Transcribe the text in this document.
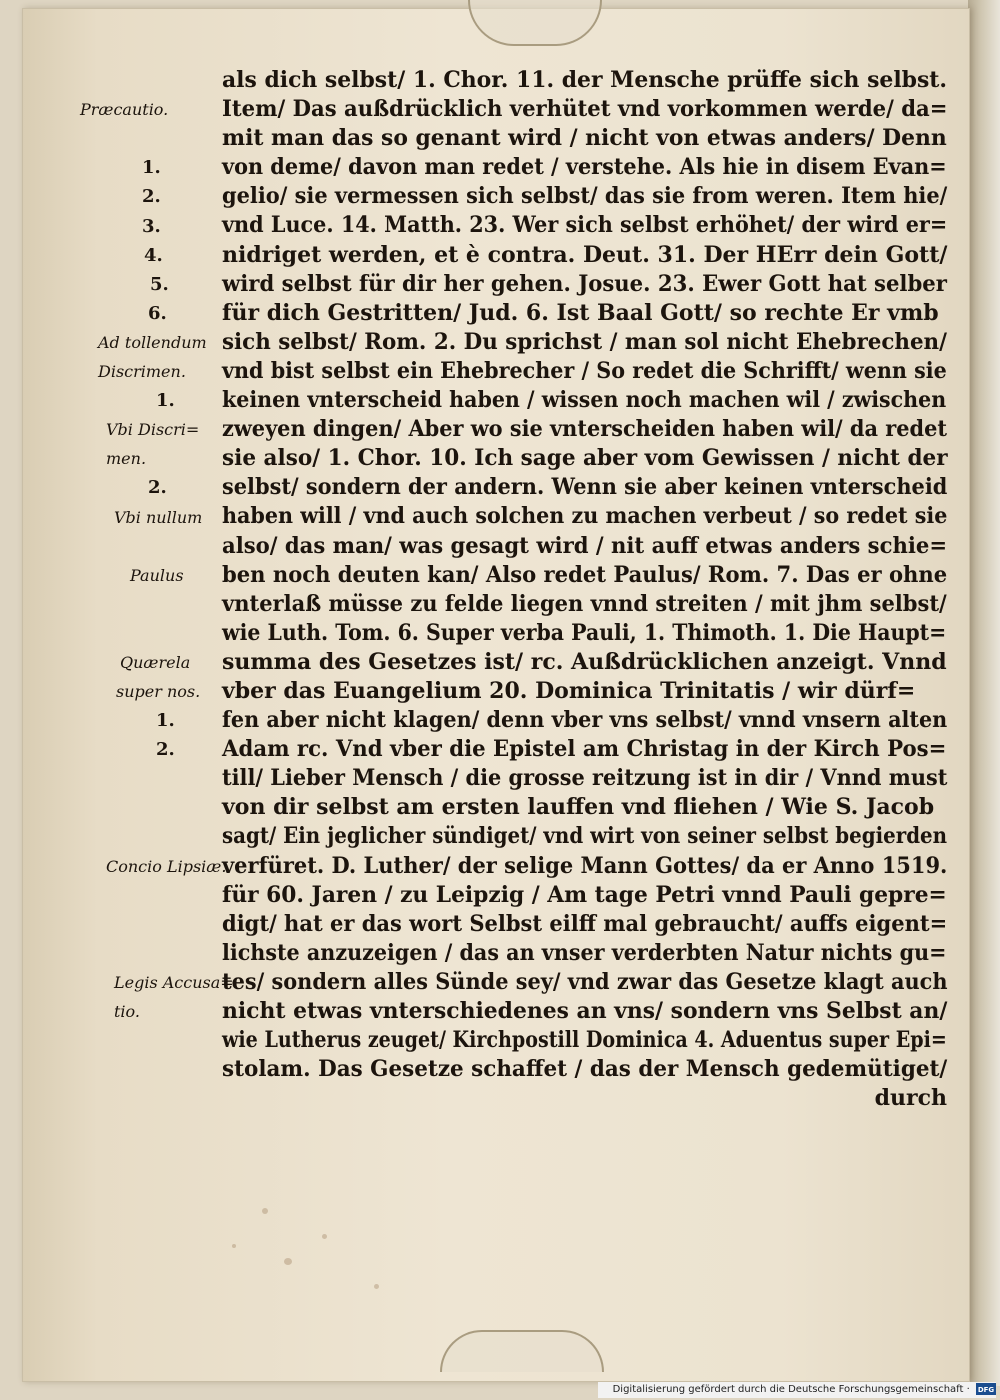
Præcautio.
1.
2.
3.
4.
5.
6.
Ad tollendum
Discrimen.
1.
Vbi Discri=
men.
2.
Vbi nullum
Paulus
Quærela
super nos.
1.
2.
Concio Lipsiæ.
Legis Accusa=
tio.
als dich selbst/ 1. Chor. 11. der Mensche prüffe sich selbst.
Item/ Das außdrücklich verhütet vnd vorkommen werde/ da=
mit man das so genant wird / nicht von etwas anders/ Denn
von deme/ davon man redet / verstehe. Als hie in disem Evan=
gelio/ sie vermessen sich selbst/ das sie from weren. Item hie/
vnd Luce. 14. Matth. 23. Wer sich selbst erhöhet/ der wird er=
nidriget werden, et è contra. Deut. 31. Der HErr dein Gott/
wird selbst für dir her gehen. Josue. 23. Ewer Gott hat selber
für dich Gestritten/ Jud. 6. Ist Baal Gott/ so rechte Er vmb
sich selbst/ Rom. 2. Du sprichst / man sol nicht Ehebrechen/
vnd bist selbst ein Ehebrecher / So redet die Schrifft/ wenn sie
keinen vnterscheid haben / wissen noch machen wil / zwischen
zweyen dingen/ Aber wo sie vnterscheiden haben wil/ da redet
sie also/ 1. Chor. 10. Ich sage aber vom Gewissen / nicht der
selbst/ sondern der andern. Wenn sie aber keinen vnterscheid
haben will / vnd auch solchen zu machen verbeut / so redet sie
also/ das man/ was gesagt wird / nit auff etwas anders schie=
ben noch deuten kan/ Also redet Paulus/ Rom. 7. Das er ohne
vnterlaß müsse zu felde liegen vnnd streiten / mit jhm selbst/
wie Luth. Tom. 6. Super verba Pauli, 1. Thimoth. 1. Die Haupt=
summa des Gesetzes ist/ rc. Außdrücklichen anzeigt. Vnnd
vber das Euangelium 20. Dominica Trinitatis / wir dürf=
fen aber nicht klagen/ denn vber vns selbst/ vnnd vnsern alten
Adam rc. Vnd vber die Epistel am Christag in der Kirch Pos=
till/ Lieber Mensch / die grosse reitzung ist in dir / Vnnd must
von dir selbst am ersten lauffen vnd fliehen / Wie S. Jacob
sagt/ Ein jeglicher sündiget/ vnd wirt von seiner selbst begierden
verfüret. D. Luther/ der selige Mann Gottes/ da er Anno 1519.
für 60. Jaren / zu Leipzig / Am tage Petri vnnd Pauli gepre=
digt/ hat er das wort Selbst eilff mal gebraucht/ auffs eigent=
lichste anzuzeigen / das an vnser verderbten Natur nichts gu=
tes/ sondern alles Sünde sey/ vnd zwar das Gesetze klagt auch
nicht etwas vnterschiedenes an vns/ sondern vns Selbst an/
wie Lutherus zeuget/ Kirchpostill Dominica 4. Aduentus super Epi=
stolam. Das Gesetze schaffet / das der Mensch gedemütiget/
durch
Digitalisierung gefördert durch die Deutsche Forschungsgemeinschaft · DFG
